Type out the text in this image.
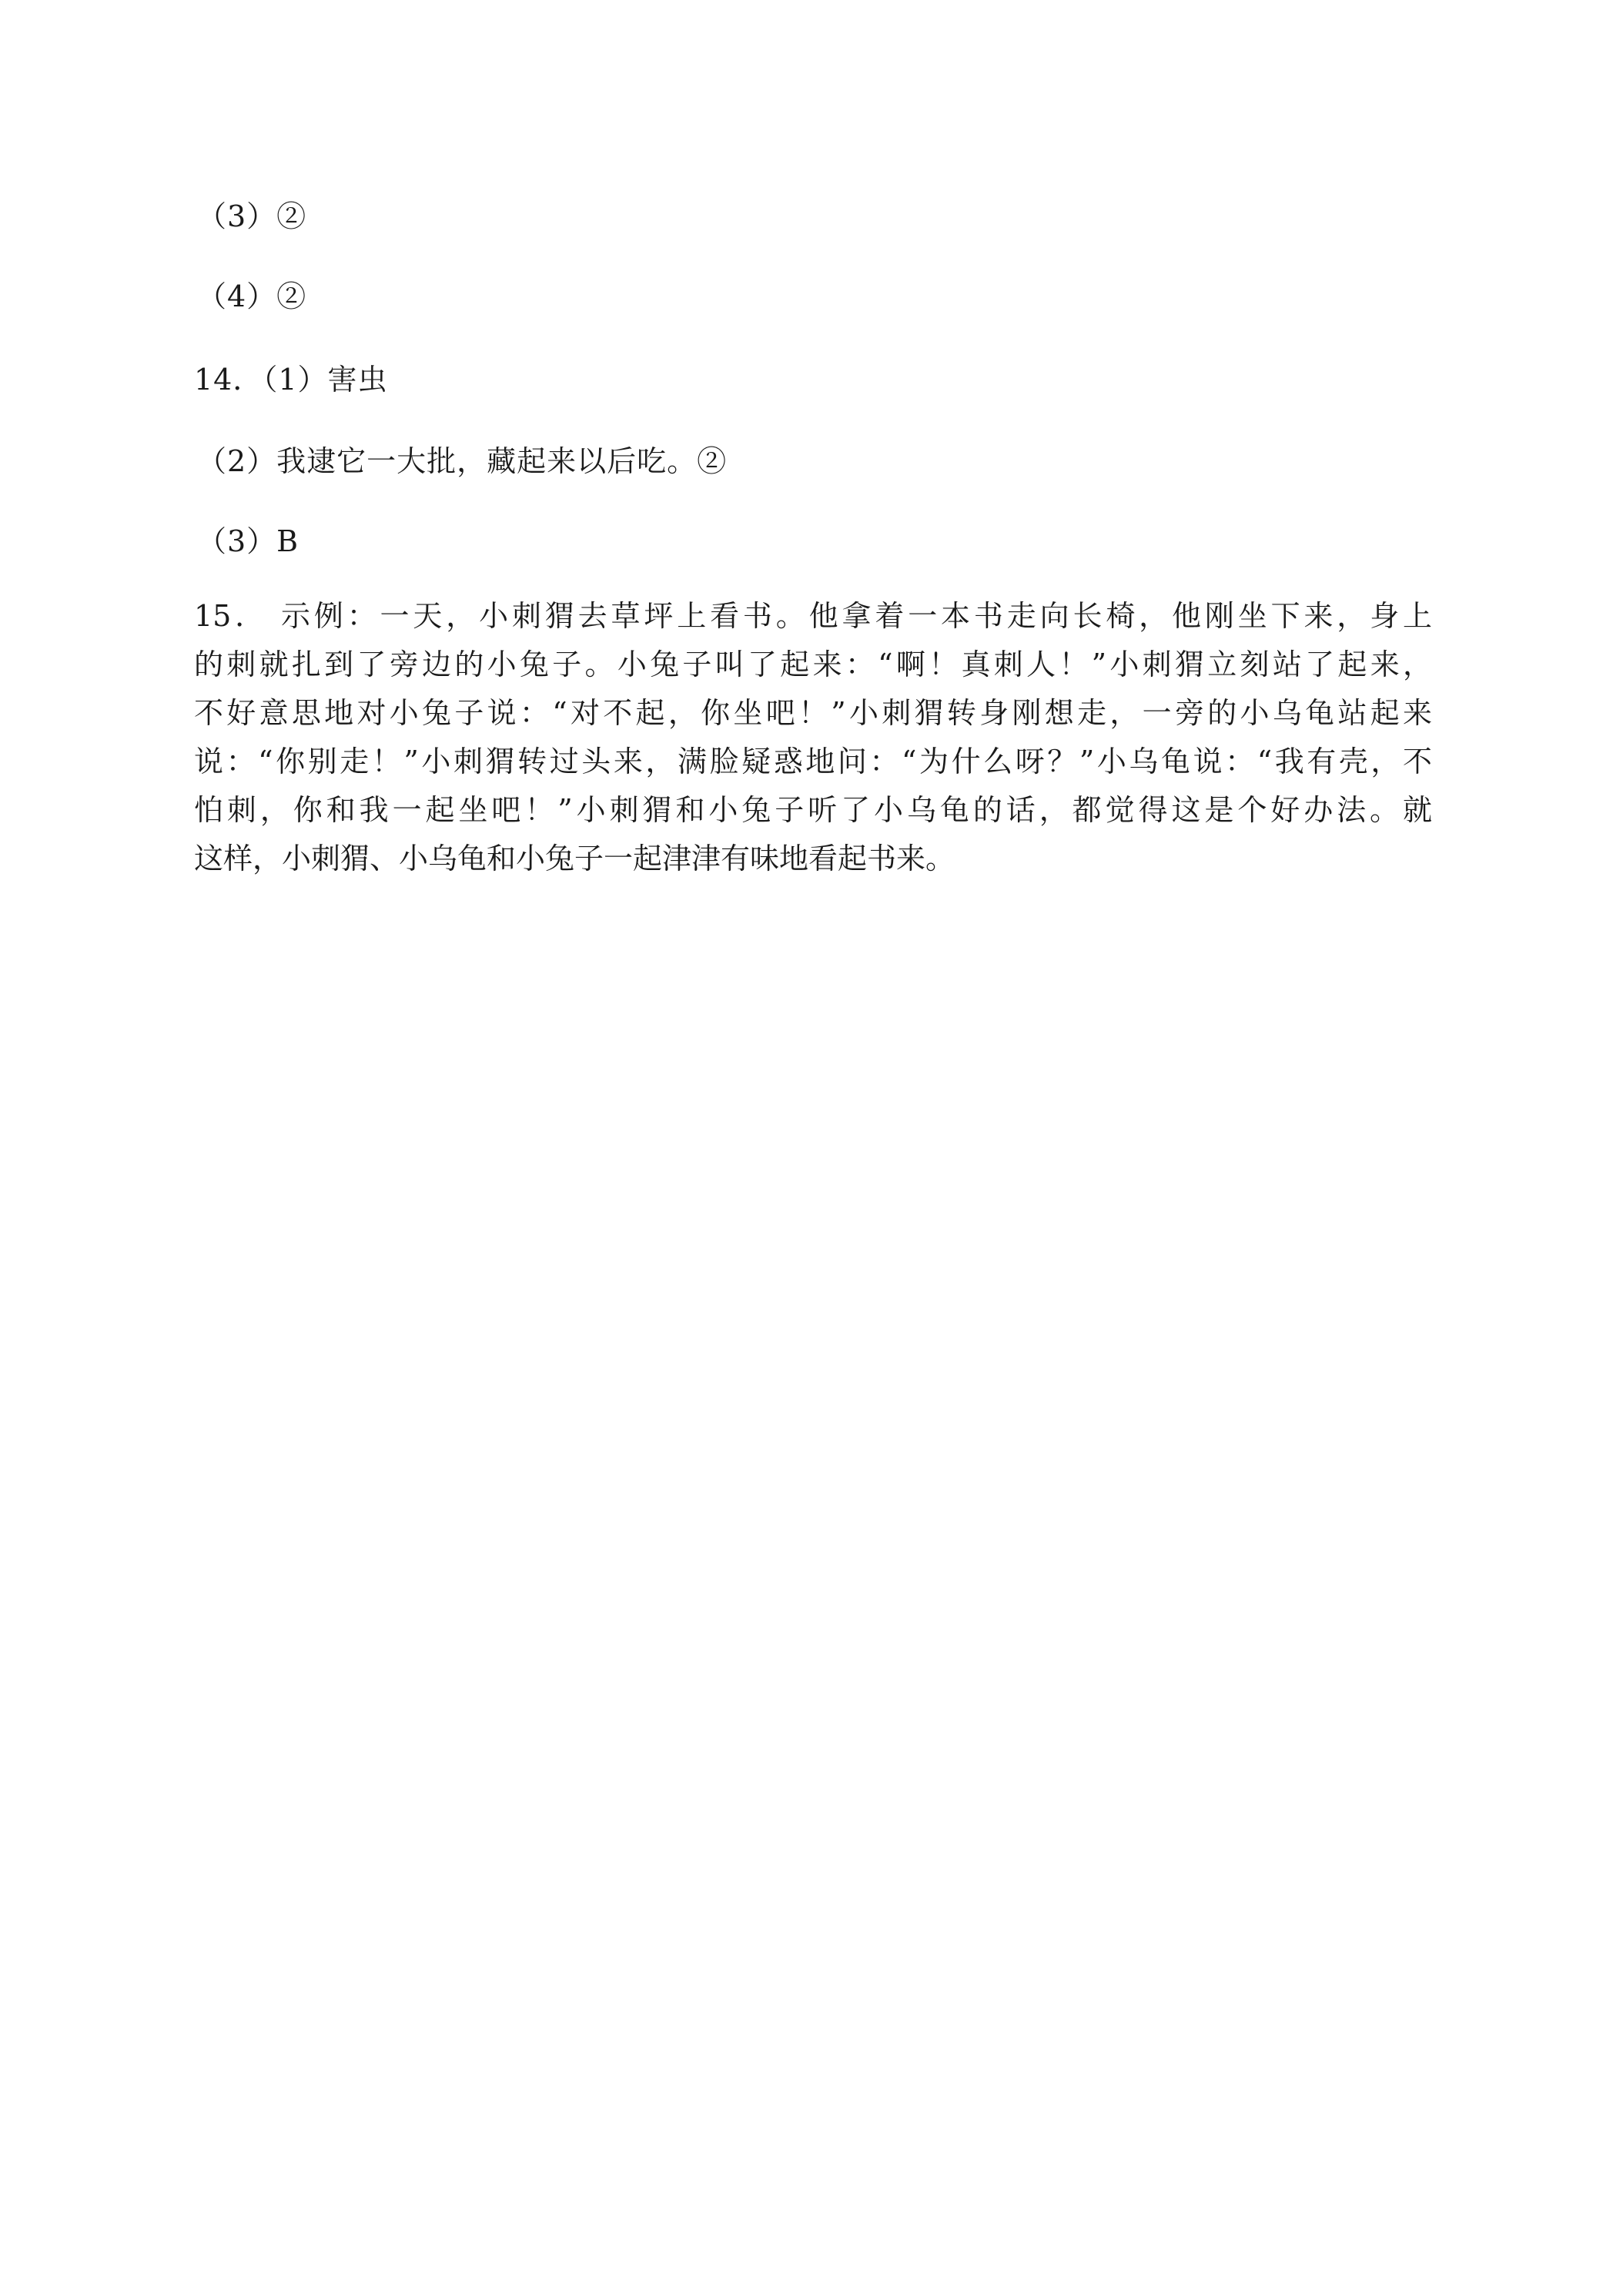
（3）②
（4）②
14．（1）害虫
（2）我逮它一大批，藏起来以后吃。②
（3）B
15． 示例：一天，小刺猬去草坪上看书。他拿着一本书走向长椅，他刚坐下来，身上
的刺就扎到了旁边的小兔子。小兔子叫了起来：“啊！真刺人！”小刺猬立刻站了起来，
不好意思地对小兔子说：“对不起，你坐吧！”小刺猬转身刚想走，一旁的小乌龟站起来
说：“你别走！”小刺猬转过头来，满脸疑惑地问：“为什么呀？”小乌龟说：“我有壳，不
怕刺，你和我一起坐吧！”小刺猬和小兔子听了小乌龟的话，都觉得这是个好办法。就
这样，小刺猬、小乌龟和小兔子一起津津有味地看起书来。
